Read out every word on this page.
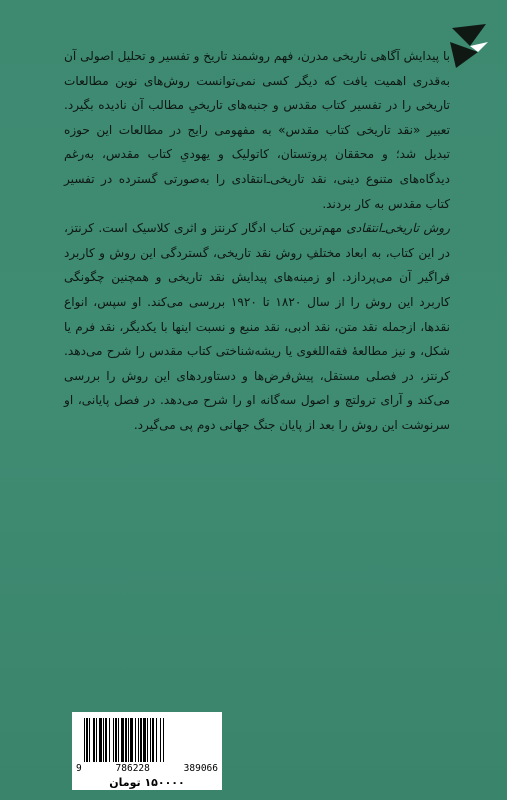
با پیدایش آگاهی تاریخی مدرن، فهم روشمند تاریخ و تفسیر و تحلیل اصولی آن به‌قدری اهمیت یافت که دیگر کسی نمی‌توانست روش‌های نوین مطالعات تاریخی را در تفسیر کتاب مقدس و جنبه‌های تاریخیِ مطالب آن نادیده بگیرد. تعبیر «نقد تاریخی کتاب مقدس» به مفهومی رایج در مطالعات این حوزه تبدیل شد؛ و محققان پروتستان، کاتولیک و یهودیِ کتاب مقدس، به‌رغم دیدگاه‌های متنوع دینی، نقد تاریخی‌ـ‌انتقادی را به‌صورتی گسترده در تفسیر کتاب مقدس به کار بردند.

روش تاریخی‌ـ‌انتقادی مهم‌ترین کتاب ادگار کرنتز و اثری کلاسیک است. کرنتز، در این کتاب، به ابعاد مختلفِ روش نقد تاریخی، گستردگی این روش و کاربرد فراگیر آن می‌پردازد. او زمینه‌های پیدایش نقد تاریخی و همچنین چگونگی کاربرد این روش را از سال ۱۸۲۰ تا ۱۹۲۰ بررسی می‌کند. او سپس، انواع نقدها، ازجمله نقد متن، نقد ادبی، نقد منبع و نسبت اینها با یکدیگر، نقد فرم یا شکل، و نیز مطالعهٔ فقه‌اللغوی یا ریشه‌شناختی کتاب مقدس را شرح می‌دهد. کرنتز، در فصلی مستقل، پیش‌فرض‌ها و دستاوردهای این روش را بررسی می‌کند و آرای ترولتچ و اصول سه‌گانه او را شرح می‌دهد. در فصل پایانی، او سرنوشت این روش را بعد از پایان جنگ جهانی دوم پی می‌گیرد.

9	786228	389066
۱۵۰۰۰۰ تومان
